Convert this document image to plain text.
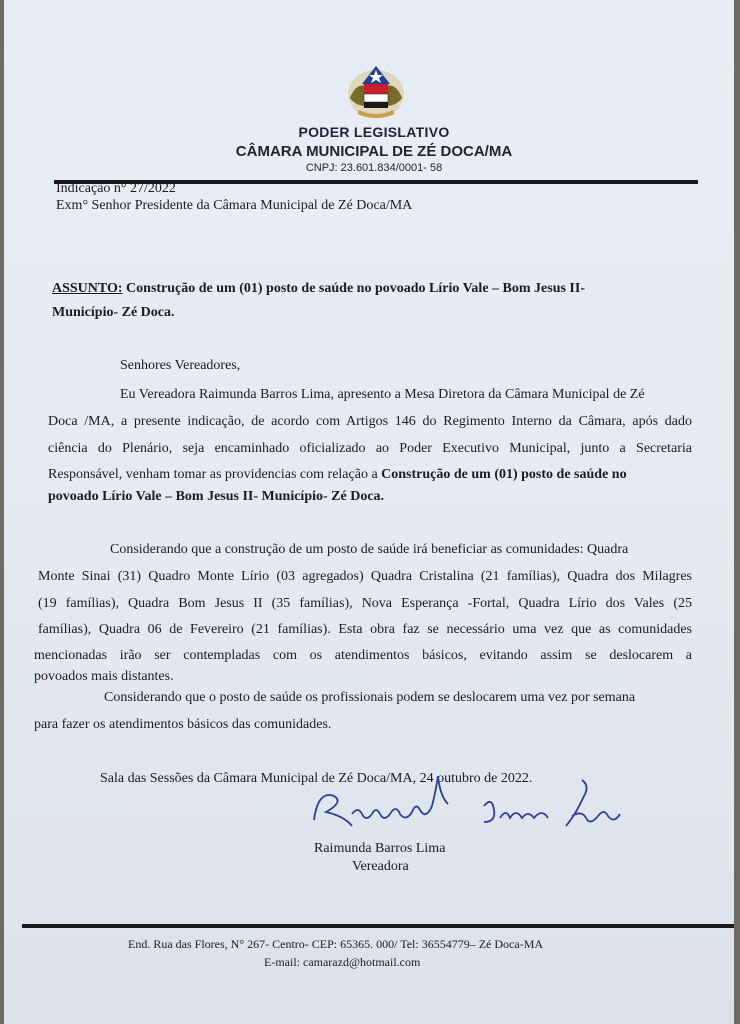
PODER LEGISLATIVO
CÂMARA MUNICIPAL DE ZÉ DOCA/MA
CNPJ: 23.601.834/0001- 58
Indicação n° 27/2022
Exm° Senhor Presidente da Câmara Municipal de Zé Doca/MA
ASSUNTO: Construção de um (01) posto de saúde no povoado Lírio Vale – Bom Jesus II-
Município- Zé Doca.
Senhores Vereadores,
Eu Vereadora Raimunda Barros Lima, apresento a Mesa Diretora da Câmara Municipal de Zé
Doca /MA, a presente indicação, de acordo com Artigos 146 do Regimento Interno da Câmara, após dado
ciência do Plenário, seja encaminhado oficializado ao Poder Executivo Municipal, junto a Secretaria
Responsável, venham tomar as providencias com relação a Construção de um (01) posto de saúde no
povoado Lírio Vale – Bom Jesus II- Município- Zé Doca.
Considerando que a construção de um posto de saúde irá beneficiar as comunidades: Quadra
Monte Sinai (31) Quadro Monte Lírio (03 agregados) Quadra Cristalina (21 famílias), Quadra dos Milagres
(19 famílias), Quadra Bom Jesus II (35 famílias), Nova Esperança -Fortal, Quadra Lírio dos Vales (25
famílias), Quadra 06 de Fevereiro (21 famílias). Esta obra faz se necessário uma vez que as comunidades
mencionadas irão ser contempladas com os atendimentos básicos, evitando assim se deslocarem a
povoados mais distantes.
Considerando que o posto de saúde os profissionais podem se deslocarem uma vez por semana
para fazer os atendimentos básicos das comunidades.
Sala das Sessões da Câmara Municipal de Zé Doca/MA, 24 outubro de 2022.
Raimunda Barros Lima
Vereadora
End. Rua das Flores, N° 267- Centro- CEP: 65365. 000/ Tel: 36554779– Zé Doca-MA
E-mail: camarazd@hotmail.com
